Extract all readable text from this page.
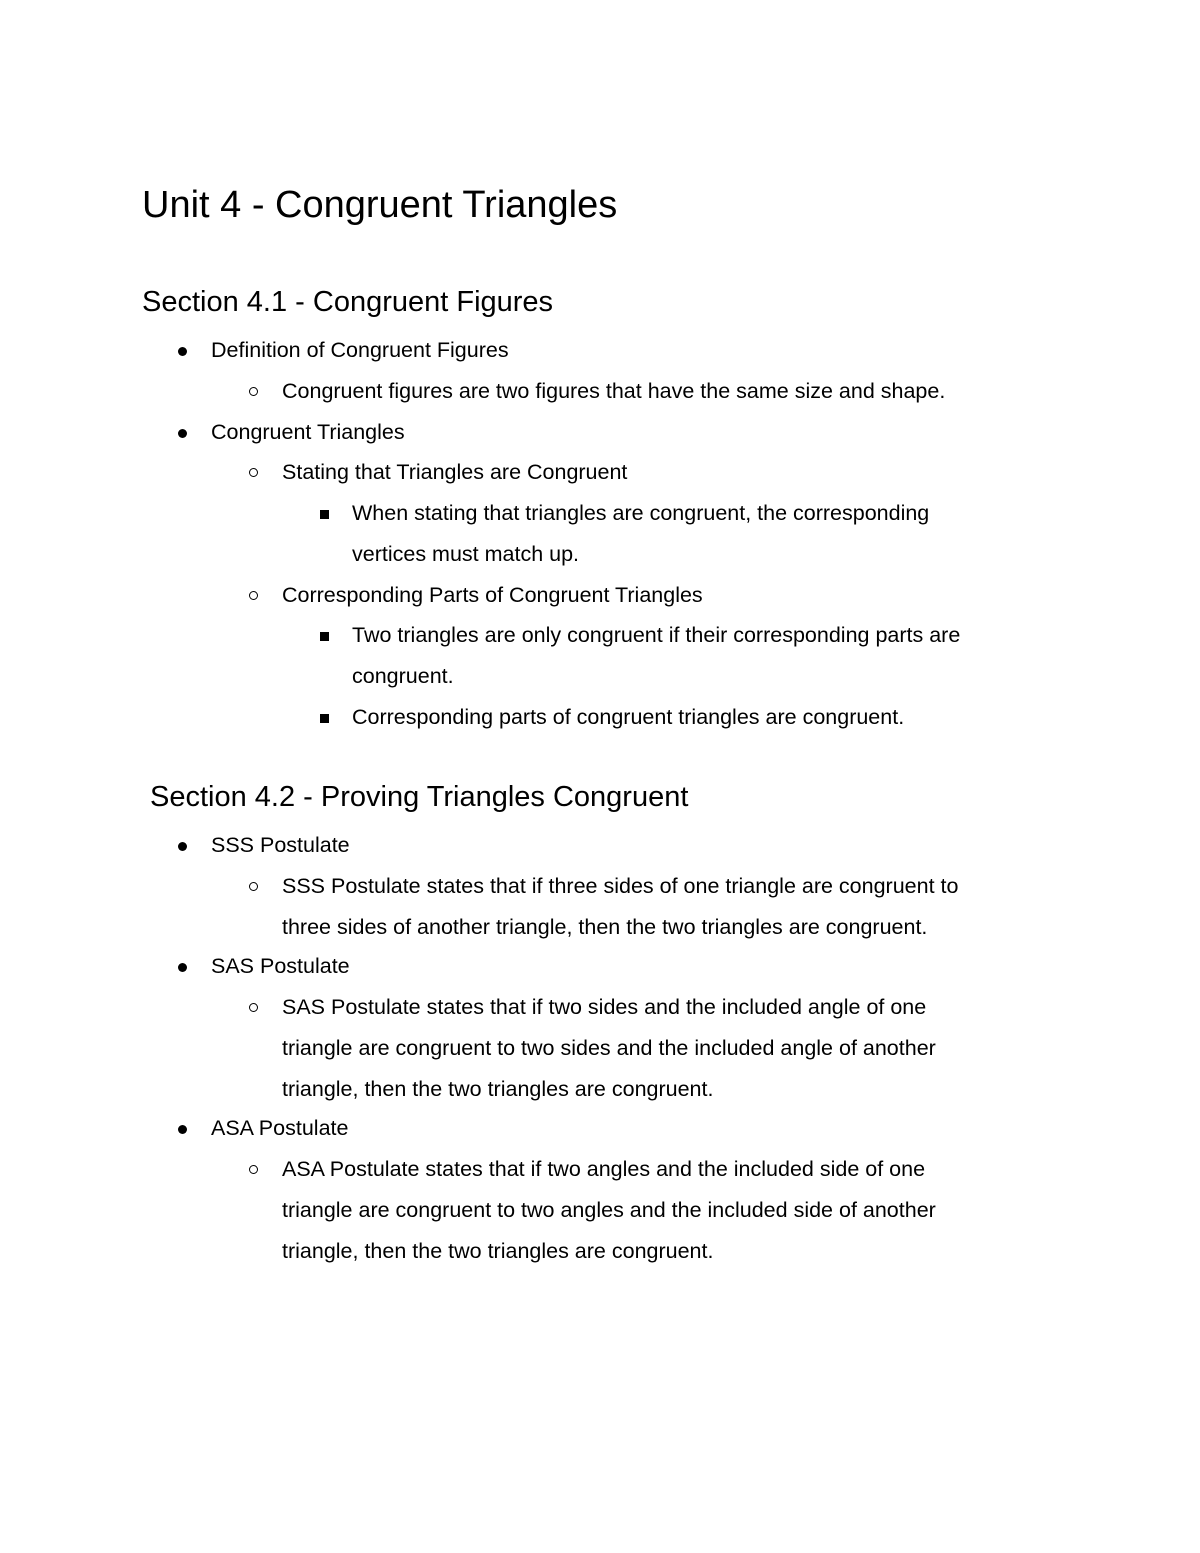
Unit 4 - Congruent Triangles
Section 4.1 - Congruent Figures
Definition of Congruent Figures
Congruent figures are two figures that have the same size and shape.
Congruent Triangles
Stating that Triangles are Congruent
When stating that triangles are congruent, the corresponding
vertices must match up.
Corresponding Parts of Congruent Triangles
Two triangles are only congruent if their corresponding parts are
congruent.
Corresponding parts of congruent triangles are congruent.
Section 4.2 - Proving Triangles Congruent
SSS Postulate
SSS Postulate states that if three sides of one triangle are congruent to
three sides of another triangle, then the two triangles are congruent.
SAS Postulate
SAS Postulate states that if two sides and the included angle of one
triangle are congruent to two sides and the included angle of another
triangle, then the two triangles are congruent.
ASA Postulate
ASA Postulate states that if two angles and the included side of one
triangle are congruent to two angles and the included side of another
triangle, then the two triangles are congruent.
